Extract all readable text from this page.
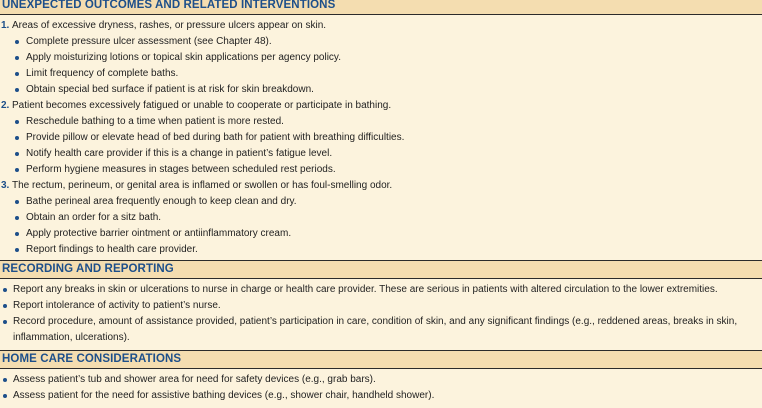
UNEXPECTED OUTCOMES AND RELATED INTERVENTIONS
1. Areas of excessive dryness, rashes, or pressure ulcers appear on skin.
Complete pressure ulcer assessment (see Chapter 48).
Apply moisturizing lotions or topical skin applications per agency policy.
Limit frequency of complete baths.
Obtain special bed surface if patient is at risk for skin breakdown.
2. Patient becomes excessively fatigued or unable to cooperate or participate in bathing.
Reschedule bathing to a time when patient is more rested.
Provide pillow or elevate head of bed during bath for patient with breathing difficulties.
Notify health care provider if this is a change in patient’s fatigue level.
Perform hygiene measures in stages between scheduled rest periods.
3. The rectum, perineum, or genital area is inflamed or swollen or has foul-smelling odor.
Bathe perineal area frequently enough to keep clean and dry.
Obtain an order for a sitz bath.
Apply protective barrier ointment or antiinflammatory cream.
Report findings to health care provider.
RECORDING AND REPORTING
Report any breaks in skin or ulcerations to nurse in charge or health care provider. These are serious in patients with altered circulation to the lower extremities.
Report intolerance of activity to patient’s nurse.
Record procedure, amount of assistance provided, patient’s participation in care, condition of skin, and any significant findings (e.g., reddened areas, breaks in skin, inflammation, ulcerations).
HOME CARE CONSIDERATIONS
Assess patient’s tub and shower area for need for safety devices (e.g., grab bars).
Assess patient for the need for assistive bathing devices (e.g., shower chair, handheld shower).
